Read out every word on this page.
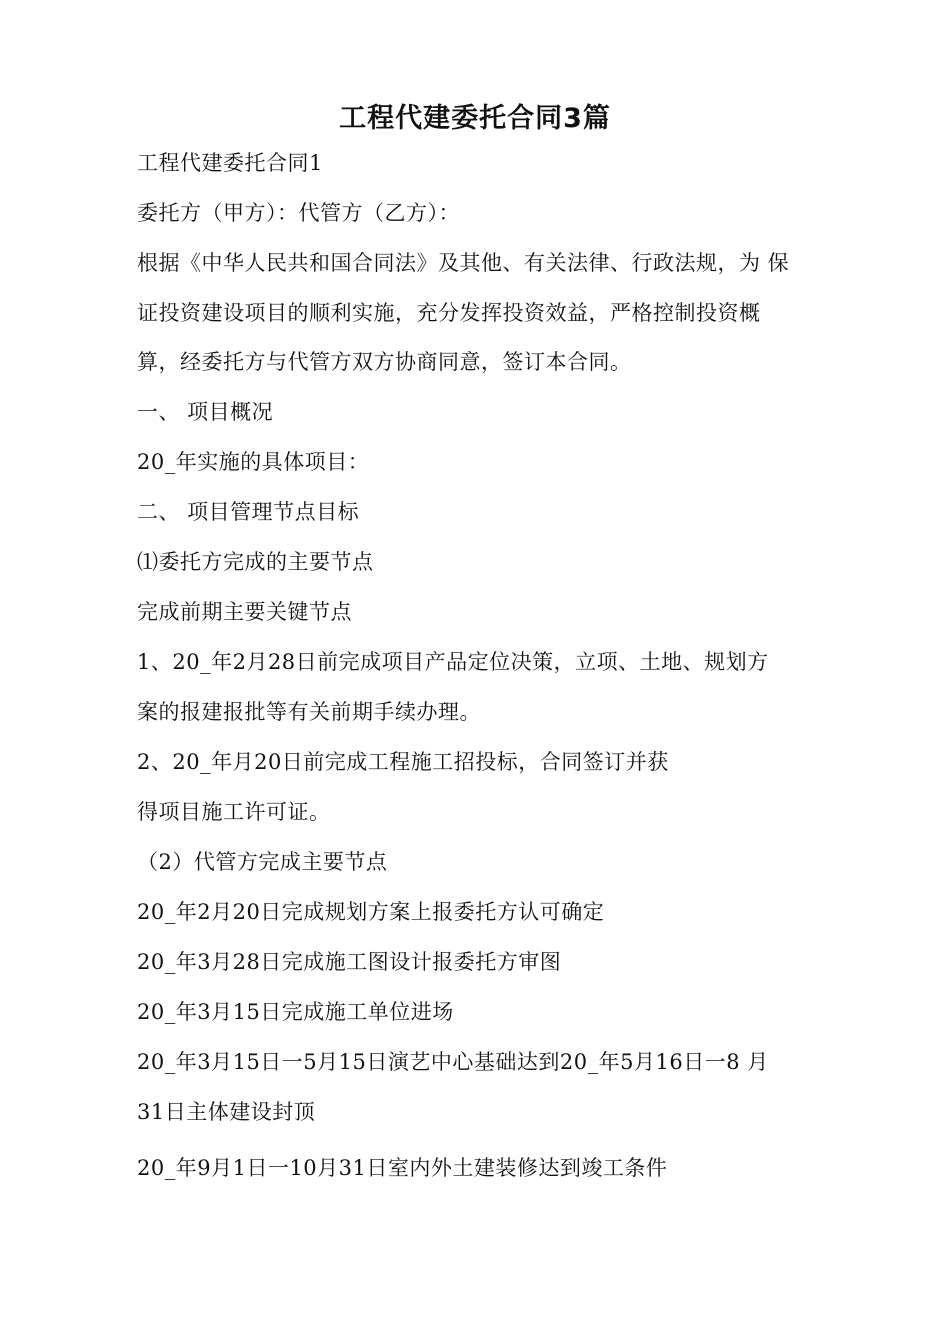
工程代建委托合同3篇
工程代建委托合同1
委托方（甲方）：代管方（乙方）：
根据《中华人民共和国合同法》及其他、有关法律、行政法规，为 保
证投资建设项目的顺利实施，充分发挥投资效益，严格控制投资概
算，经委托方与代管方双方协商同意，签订本合同。
一、 项目概况
20_年实施的具体项目：
二、 项目管理节点目标
⑴委托方完成的主要节点
完成前期主要关键节点
1、20_年2月28日前完成项目产品定位决策，立项、土地、规划方
案的报建报批等有关前期手续办理。
2、20_年月20日前完成工程施工招投标，合同签订并获
得项目施工许可证。
（2）代管方完成主要节点
20_年2月20日完成规划方案上报委托方认可确定
20_年3月28日完成施工图设计报委托方审图
20_年3月15日完成施工单位进场
20_年3月15日一5月15日演艺中心基础达到20_年5月16日一8 月
31日主体建设封顶
20_年9月1日一10月31日室内外土建装修达到竣工条件
